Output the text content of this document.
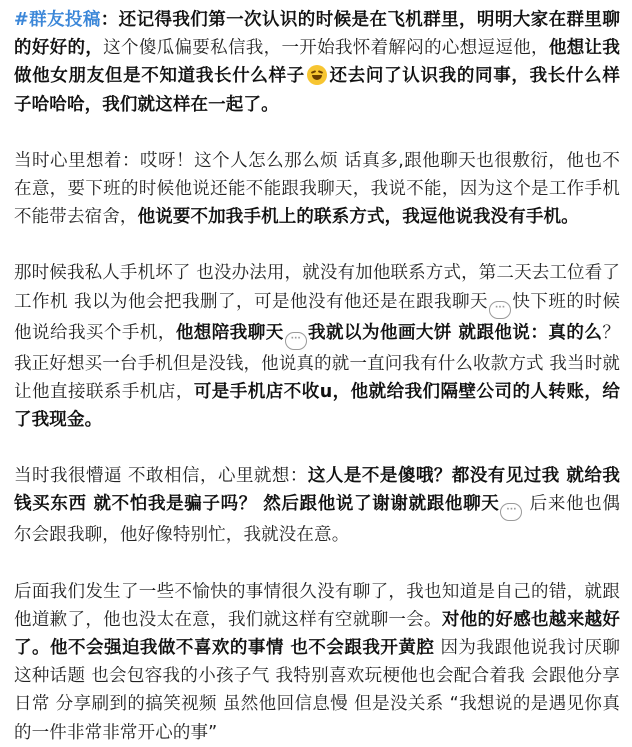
#群友投稿：还记得我们第一次认识的时候是在飞机群里，明明大家在群里聊的好好的，这个傻瓜偏要私信我，一开始我怀着解闷的心想逗逗他，他想让我做他女朋友但是不知道我长什么样子 还去问了认识我的同事，我长什么样子哈哈哈，我们就这样在一起了。

当时心里想着：哎呀！这个人怎么那么烦 话真多,跟他聊天也很敷衍，他也不在意，要下班的时候他说还能不能跟我聊天，我说不能，因为这个是工作手机不能带去宿舍，他说要不加我手机上的联系方式，我逗他说我没有手机。

那时候我私人手机坏了 也没办法用，就没有加他联系方式，第二天去工位看了工作机 我以为他会把我删了，可是他没有他还是在跟我聊天 ··· 快下班的时候他说给我买个手机，他想陪我聊天 ··· 我就以为他画大饼 就跟他说：真的么？我正好想买一台手机但是没钱，他说真的就一直问我有什么收款方式 我当时就让他直接联系手机店，可是手机店不收u，他就给我们隔壁公司的人转账，给了我现金。

当时我很懵逼 不敢相信，心里就想：这人是不是傻哦？都没有见过我 就给我钱买东西 就不怕我是骗子吗？ 然后跟他说了谢谢就跟他聊天 ··· 后来他也偶尔会跟我聊，他好像特别忙，我就没在意。

后面我们发生了一些不愉快的事情很久没有聊了，我也知道是自己的错，就跟他道歉了，他也没太在意，我们就这样有空就聊一会。对他的好感也越来越好了。他不会强迫我做不喜欢的事情 也不会跟我开黄腔 因为我跟他说我讨厌聊这种话题 也会包容我的小孩子气 我特别喜欢玩梗他也会配合着我 会跟他分享日常 分享刷到的搞笑视频 虽然他回信息慢 但是没关系 “我想说的是遇见你真的一件非常非常开心的事”
